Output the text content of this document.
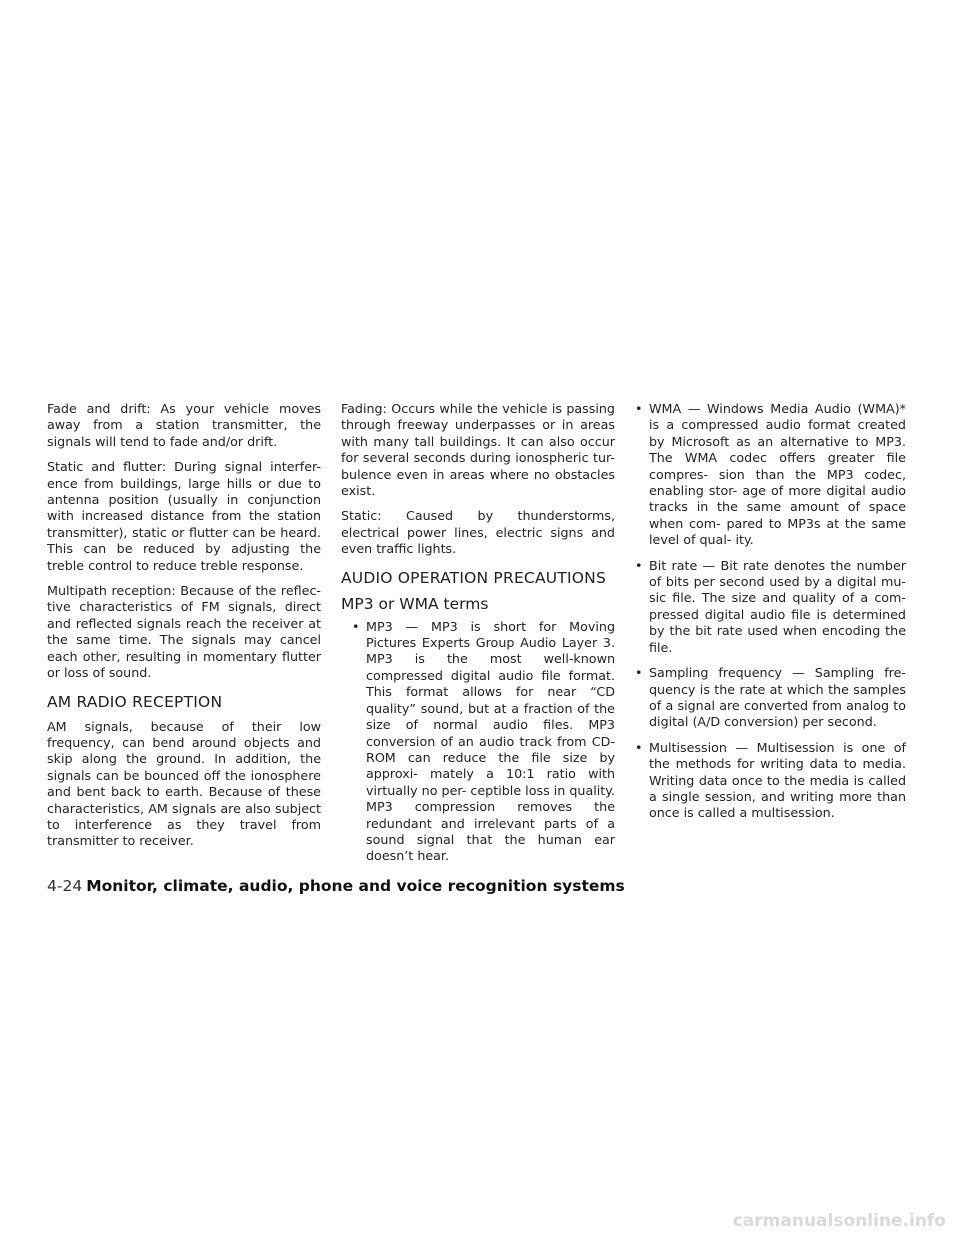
Fade and drift: As your vehicle moves away from a station transmitter, the signals will tend to fade and/or drift.

Static and flutter: During signal interfer- ence from buildings, large hills or due to antenna position (usually in conjunction with increased distance from the station transmitter), static or flutter can be heard. This can be reduced by adjusting the treble control to reduce treble response.

Multipath reception: Because of the reflec- tive characteristics of FM signals, direct and reflected signals reach the receiver at the same time. The signals may cancel each other, resulting in momentary flutter or loss of sound.

AM RADIO RECEPTION

AM signals, because of their low frequency, can bend around objects and skip along the ground. In addition, the signals can be bounced off the ionosphere and bent back to earth. Because of these characteristics, AM signals are also subject to interference as they travel from transmitter to receiver.

Fading: Occurs while the vehicle is passing through freeway underpasses or in areas with many tall buildings. It can also occur for several seconds during ionospheric tur- bulence even in areas where no obstacles exist.

Static: Caused by thunderstorms, electrical power lines, electric signs and even traffic lights.

AUDIO OPERATION PRECAUTIONS
MP3 or WMA terms
• MP3 — MP3 is short for Moving Pictures Experts Group Audio Layer 3. MP3 is the most well-known compressed digital audio file format. This format allows for near “CD quality” sound, but at a fraction of the size of normal audio files. MP3 conversion of an audio track from CD- ROM can reduce the file size by approxi- mately a 10:1 ratio with virtually no per- ceptible loss in quality. MP3 compression removes the redundant and irrelevant parts of a sound signal that the human ear doesn’t hear.
• WMA — Windows Media Audio (WMA)* is a compressed audio format created by Microsoft as an alternative to MP3. The WMA codec offers greater file compres- sion than the MP3 codec, enabling stor- age of more digital audio tracks in the same amount of space when com- pared to MP3s at the same level of qual- ity.
• Bit rate — Bit rate denotes the number of bits per second used by a digital mu- sic file. The size and quality of a com- pressed digital audio file is determined by the bit rate used when encoding the file.
• Sampling frequency — Sampling fre- quency is the rate at which the samples of a signal are converted from analog to digital (A/D conversion) per second.
• Multisession — Multisession is one of the methods for writing data to media. Writing data once to the media is called a single session, and writing more than once is called a multisession.
4-24 Monitor, climate, audio, phone and voice recognition systems
carmanualsonline.info
